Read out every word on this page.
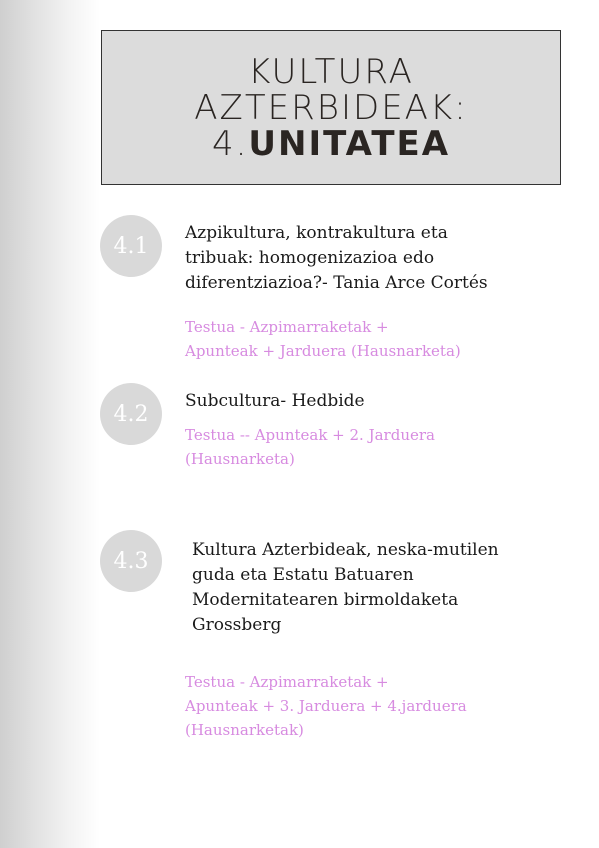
KULTURA
AZTERBIDEAK:
4.UNITATEA
4.1
Azpikultura, kontrakultura eta
tribuak: homogenizazioa edo
diferentziazioa?- Tania Arce Cortés
Testua - Azpimarraketak +
Apunteak + Jarduera (Hausnarketa)
4.2
Subcultura- Hedbide
Testua -- Apunteak + 2. Jarduera
(Hausnarketa)
4.3	Kultura Azterbideak, neska-mutilen
guda eta Estatu Batuaren
Modernitatearen birmoldaketa
Grossberg
Testua - Azpimarraketak +
Apunteak + 3. Jarduera + 4.jarduera
(Hausnarketak)
